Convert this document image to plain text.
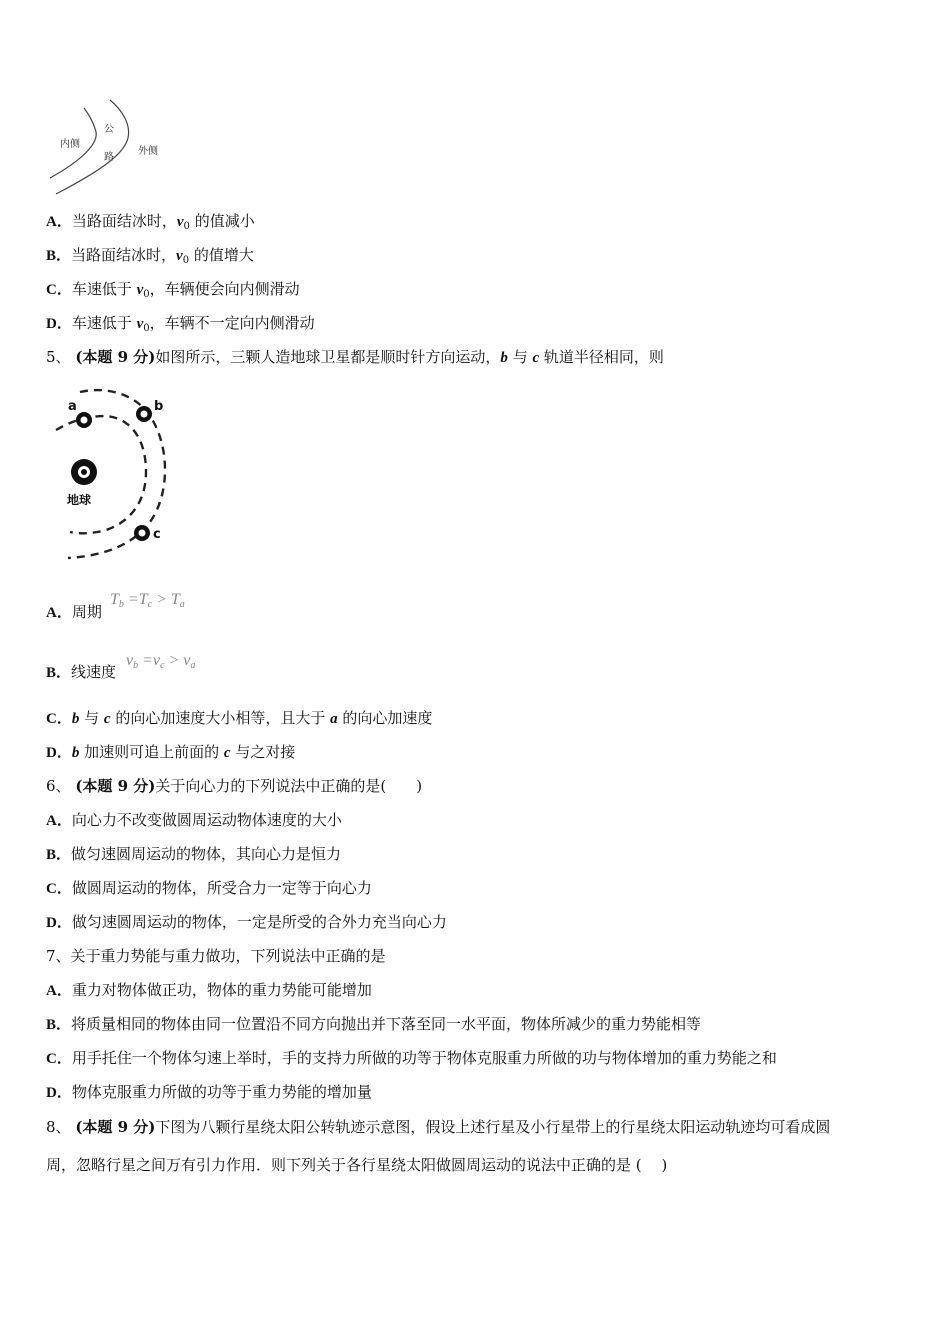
内侧
公
路
外侧
A．当路面结冰时，$v_0$ 的值减小
B．当路面结冰时，$v_0$ 的值增大
C．车速低于 $v_0$，车辆便会向内侧滑动
D．车速低于 $v_0$，车辆不一定向内侧滑动
5、 (本题 9 分)如图所示，三颗人造地球卫星都是顺时针方向运动，b 与 c 轨道半径相同，则
地球
a	b
c
A．周期
$T_b =T_c > T_a$
B．线速度
$v_b =v_c > v_a$
C．b 与 c 的向心加速度大小相等，且大于 a 的向心加速度
D．b 加速则可追上前面的 c 与之对接
6、 (本题 9 分)关于向心力的下列说法中正确的是(　　)
A．向心力不改变做圆周运动物体速度的大小
B．做匀速圆周运动的物体，其向心力是恒力
C．做圆周运动的物体，所受合力一定等于向心力
D．做匀速圆周运动的物体，一定是所受的合外力充当向心力
7、关于重力势能与重力做功，下列说法中正确的是
A．重力对物体做正功，物体的重力势能可能增加
B．将质量相同的物体由同一位置沿不同方向抛出并下落至同一水平面，物体所减少的重力势能相等
C．用手托住一个物体匀速上举时，手的支持力所做的功等于物体克服重力所做的功与物体增加的重力势能之和
D．物体克服重力所做的功等于重力势能的增加量
8、 (本题 9 分)下图为八颗行星绕太阳公转轨迹示意图，假设上述行星及小行星带上的行星绕太阳运动轨迹均可看成圆
周，忽略行星之间万有引力作用．则下列关于各行星绕太阳做圆周运动的说法中正确的是 (　 )
